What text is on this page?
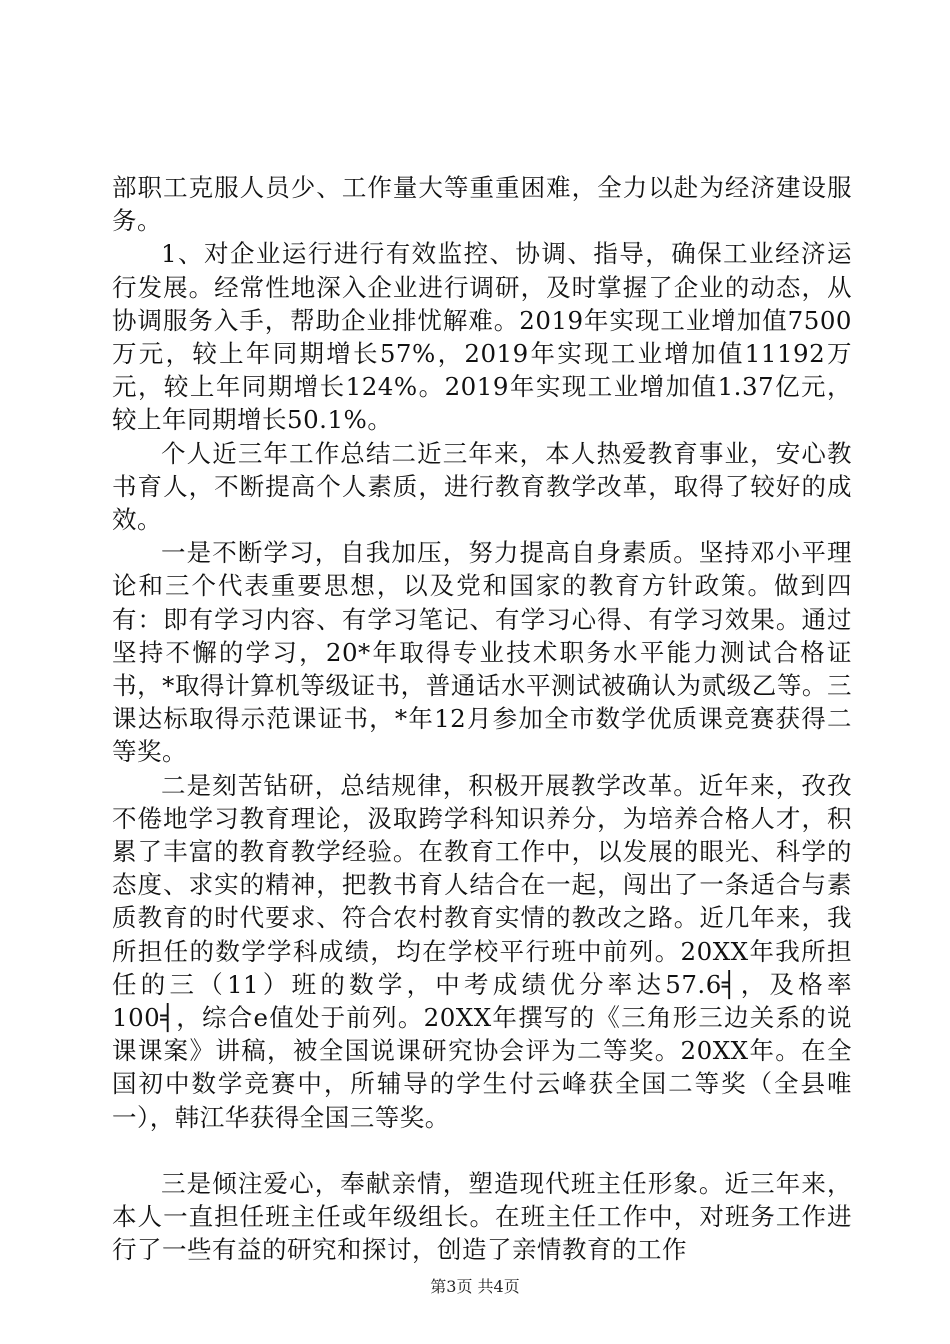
部职工克服人员少、工作量大等重重困难，全力以赴为经济建设服务。

1、对企业运行进行有效监控、协调、指导，确保工业经济运行发展。经常性地深入企业进行调研，及时掌握了企业的动态，从协调服务入手，帮助企业排忧解难。2019年实现工业增加值7500万元，较上年同期增长57%，2019年实现工业增加值11192万元，较上年同期增长124%。2019年实现工业增加值1.37亿元，较上年同期增长50.1%。

个人近三年工作总结二近三年来，本人热爱教育事业，安心教书育人，不断提高个人素质，进行教育教学改革，取得了较好的成效。

一是不断学习，自我加压，努力提高自身素质。坚持邓小平理论和三个代表重要思想，以及党和国家的教育方针政策。做到四有：即有学习内容、有学习笔记、有学习心得、有学习效果。通过坚持不懈的学习，20*年取得专业技术职务水平能力测试合格证书，*取得计算机等级证书，普通话水平测试被确认为贰级乙等。三课达标取得示范课证书，*年12月参加全市数学优质课竞赛获得二等奖。

二是刻苦钻研，总结规律，积极开展教学改革。近年来，孜孜不倦地学习教育理论，汲取跨学科知识养分，为培养合格人才，积累了丰富的教育教学经验。在教育工作中，以发展的眼光、科学的态度、求实的精神，把教书育人结合在一起，闯出了一条适合与素质教育的时代要求、符合农村教育实情的教改之路。近几年来，我所担任的数学学科成绩，均在学校平行班中前列。20XX年我所担任的三（11）班的数学，中考成绩优分率达57.6╡，及格率100╡，综合e值处于前列。20XX年撰写的《三角形三边关系的说课课案》讲稿，被全国说课研究协会评为二等奖。20XX年。在全国初中数学竞赛中，所辅导的学生付云峰获全国二等奖（全县唯一），韩江华获得全国三等奖。

三是倾注爱心，奉献亲情，塑造现代班主任形象。近三年来，本人一直担任班主任或年级组长。在班主任工作中，对班务工作进行了一些有益的研究和探讨，创造了亲情教育的工作

第3页 共4页
